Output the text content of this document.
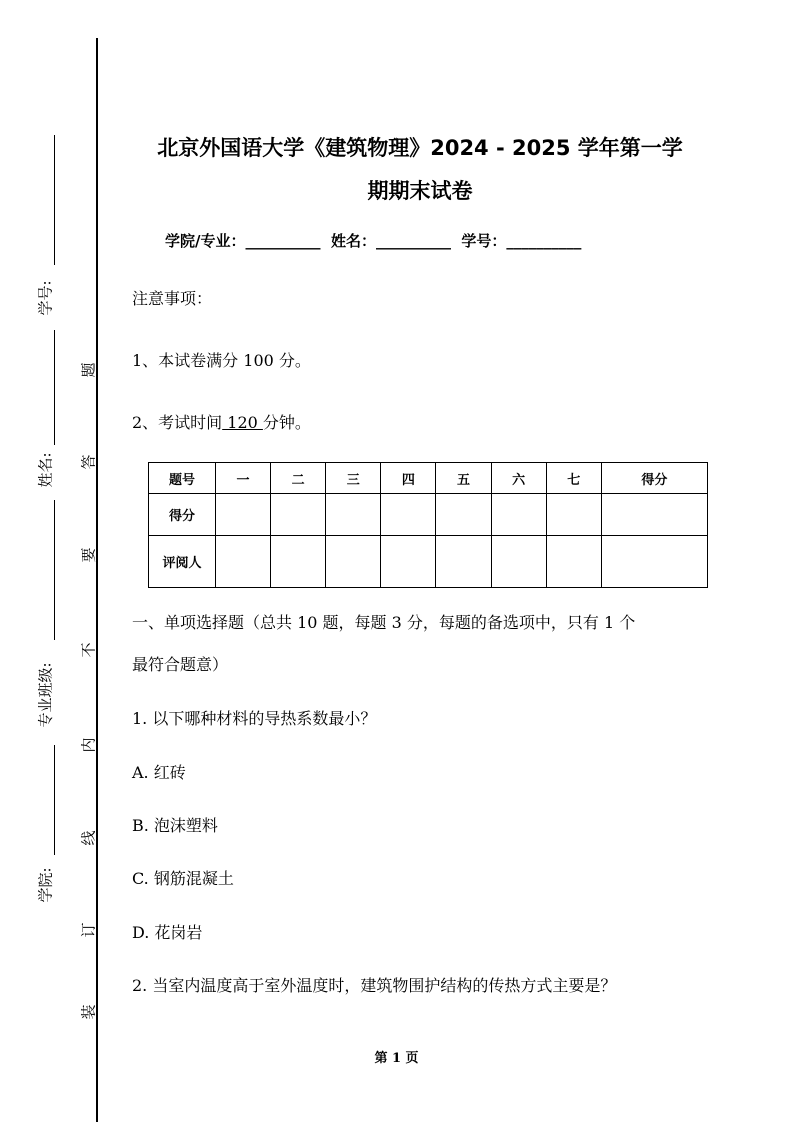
学号:
姓名:
专业班级:
学院:
题
答
要
不
内
线
订
装
北京外国语大学《建筑物理》2024 - 2025 学年第一学
期期末试卷
学院/专业：__________ 姓名：__________ 学号：__________
注意事项：
1、本试卷满分 100 分。
2、考试时间 120 分钟。
题号	一	二	三	四	五	六	七	得分
得分								
评阅人								
一、单项选择题（总共 10 题，每题 3 分，每题的备选项中，只有 1 个
最符合题意）
1. 以下哪种材料的导热系数最小？
A. 红砖
B. 泡沫塑料
C. 钢筋混凝土
D. 花岗岩
2. 当室内温度高于室外温度时，建筑物围护结构的传热方式主要是？
第 1 页
